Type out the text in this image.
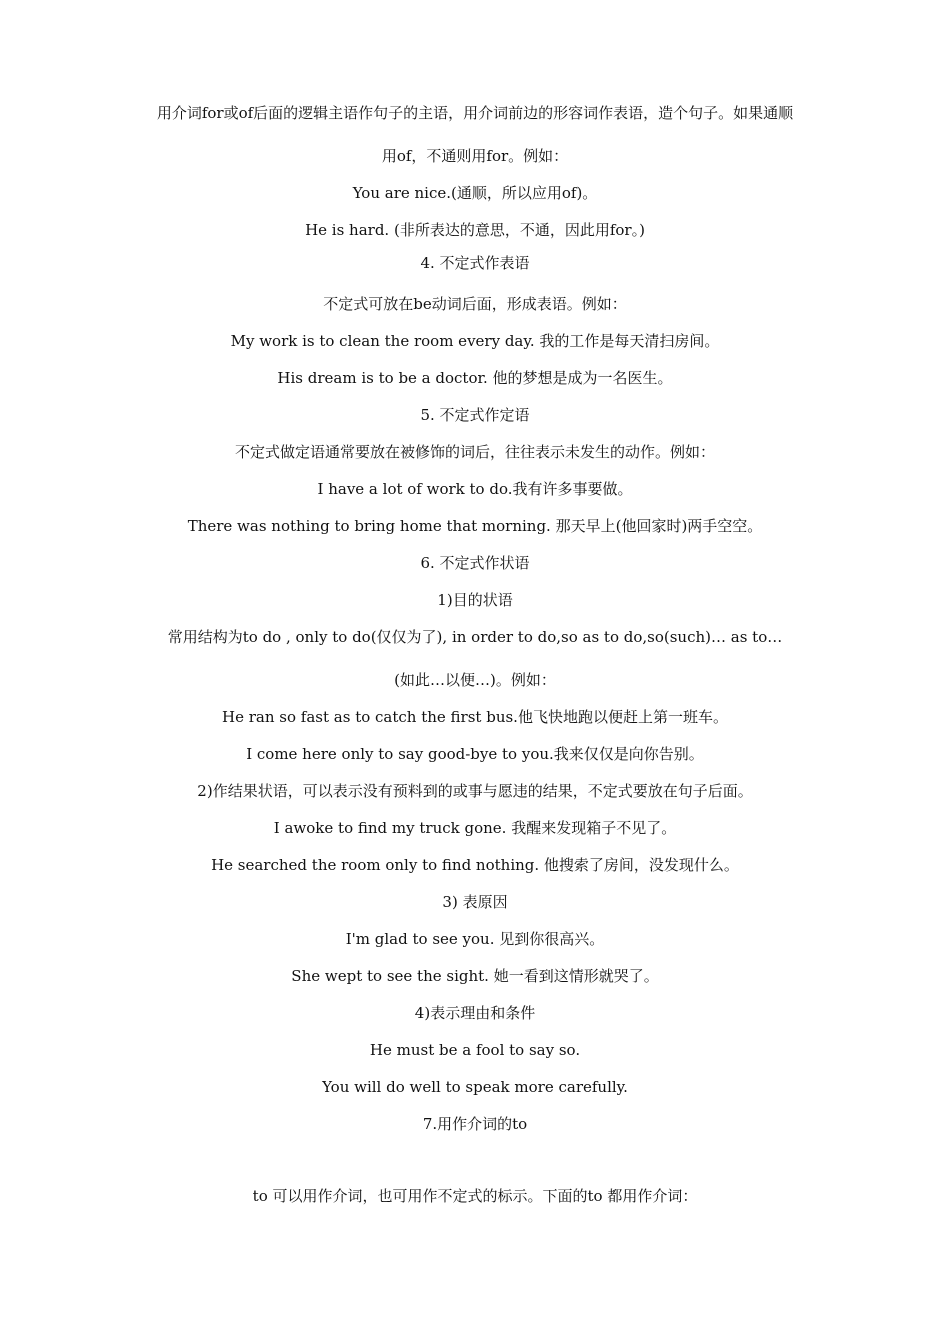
用介词for或of后面的逻辑主语作句子的主语，用介词前边的形容词作表语，造个句子。如果通顺
用of，不通则用for。例如：
You are nice.(通顺，所以应用of)。
He is hard. (非所表达的意思，不通，因此用for。)
4. 不定式作表语
不定式可放在be动词后面，形成表语。例如：
My work is to clean the room every day. 我的工作是每天清扫房间。
His dream is to be a doctor. 他的梦想是成为一名医生。
5. 不定式作定语
不定式做定语通常要放在被修饰的词后，往往表示未发生的动作。例如：
I have a lot of work to do.我有许多事要做。
There was nothing to bring home that morning. 那天早上(他回家时)两手空空。
6. 不定式作状语
1)目的状语
常用结构为to do , only to do(仅仅为了), in order to do,so as to do,so(such)… as to…
(如此…以便…)。例如：
He ran so fast as to catch the first bus.他飞快地跑以便赶上第一班车。
I come here only to say good-bye to you.我来仅仅是向你告别。
2)作结果状语，可以表示没有预料到的或事与愿违的结果，不定式要放在句子后面。
I awoke to find my truck gone. 我醒来发现箱子不见了。
He searched the room only to find nothing. 他搜索了房间，没发现什么。
3) 表原因
I'm glad to see you. 见到你很高兴。
She wept to see the sight. 她一看到这情形就哭了。
4)表示理由和条件
He must be a fool to say so.
You will do well to speak more carefully.
7.用作介词的to
to 可以用作介词，也可用作不定式的标示。下面的to 都用作介词：
